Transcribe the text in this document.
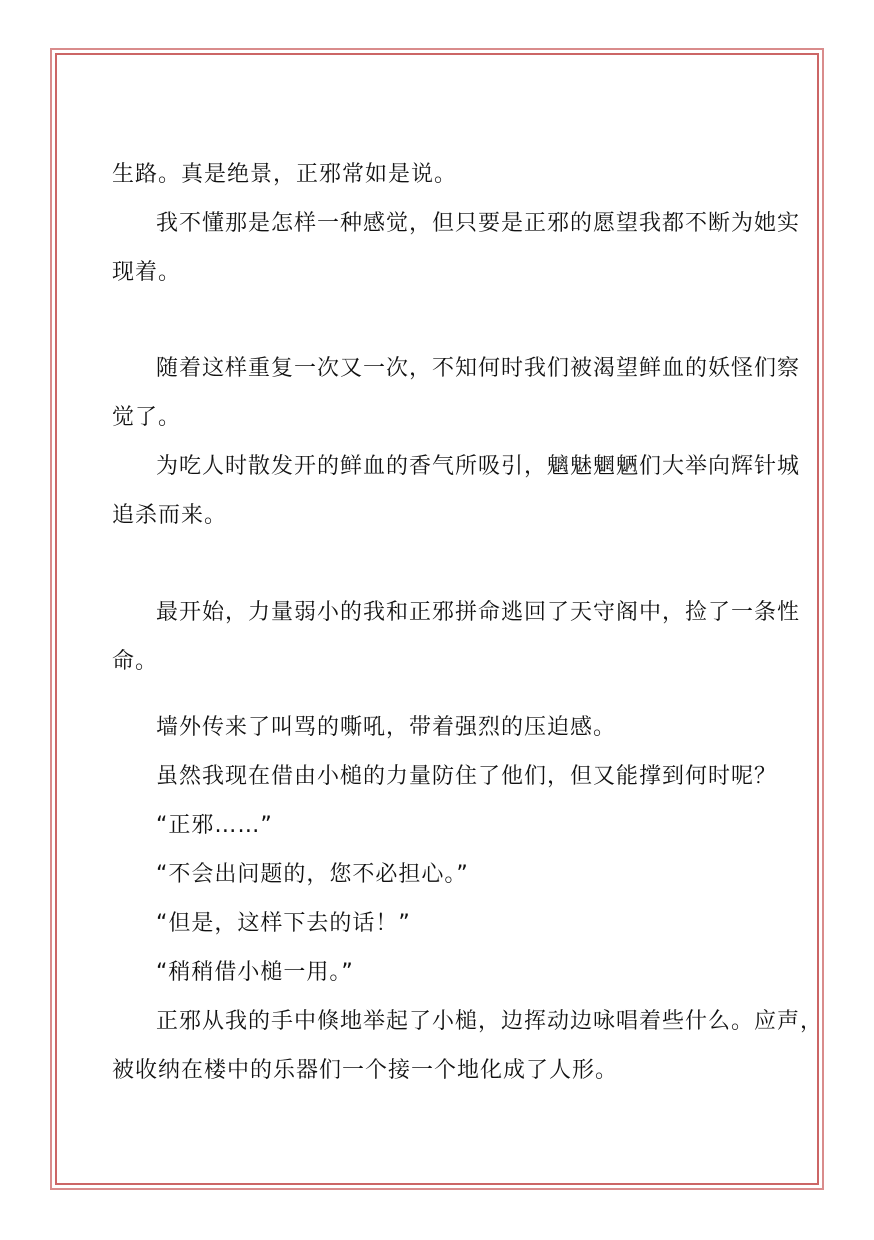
生路。真是绝景，正邪常如是说。
我不懂那是怎样一种感觉，但只要是正邪的愿望我都不断为她实
现着。
随着这样重复一次又一次，不知何时我们被渴望鲜血的妖怪们察
觉了。
为吃人时散发开的鲜血的香气所吸引，魑魅魍魉们大举向辉针城
追杀而来。
最开始，力量弱小的我和正邪拼命逃回了天守阁中，捡了一条性
命。
墙外传来了叫骂的嘶吼，带着强烈的压迫感。
虽然我现在借由小槌的力量防住了他们，但又能撑到何时呢？
“正邪……”
“不会出问题的，您不必担心。”
“但是，这样下去的话！”
“稍稍借小槌一用。”
正邪从我的手中倏地举起了小槌，边挥动边咏唱着些什么。应声，
被收纳在楼中的乐器们一个接一个地化成了人形。
